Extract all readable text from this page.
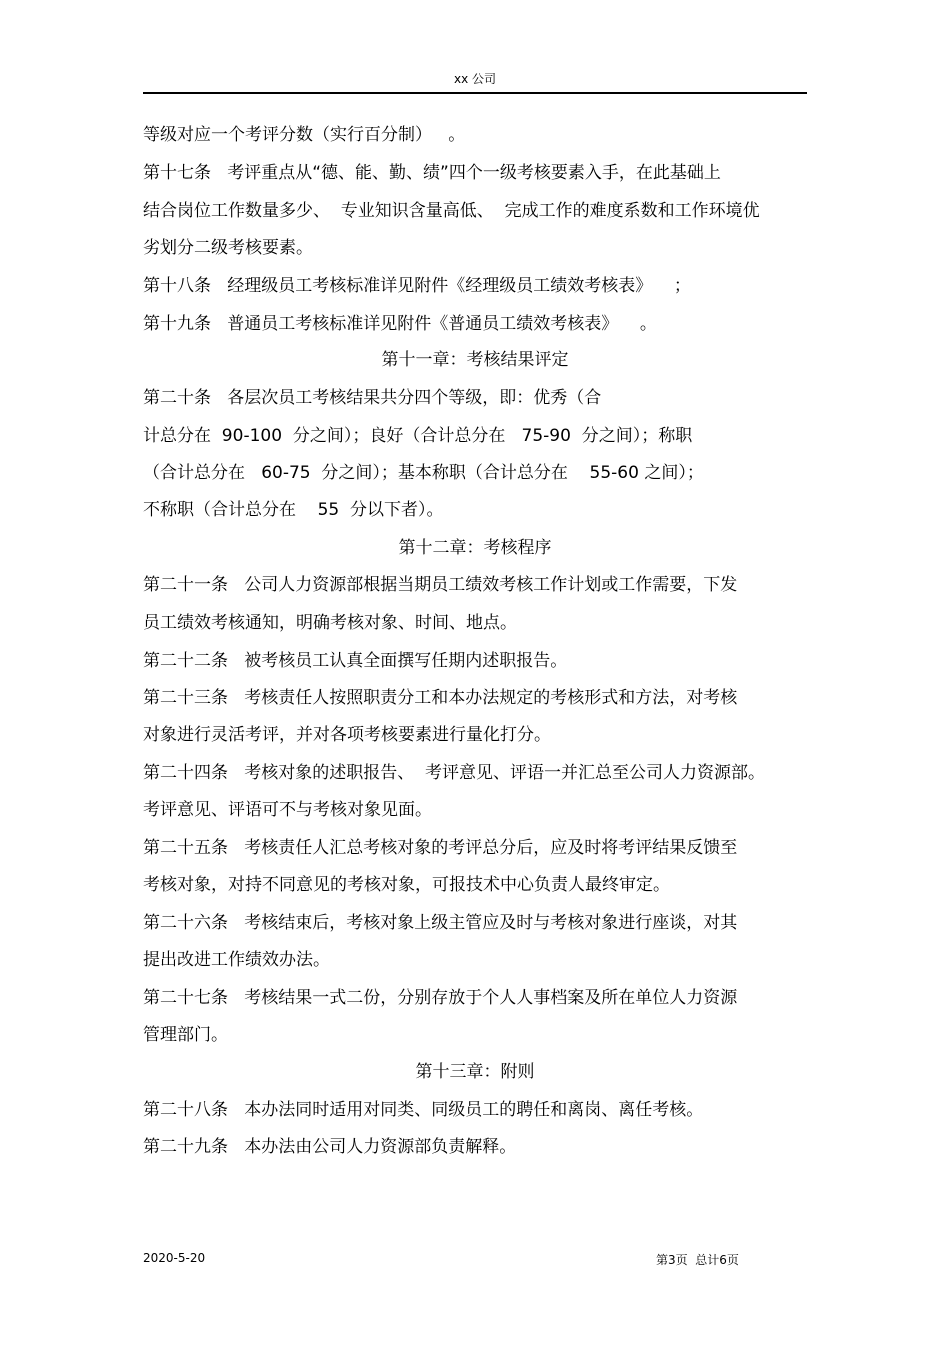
xx 公司
等级对应一个考评分数（实行百分制）   。
第十七条   考评重点从“德、能、勤、绩”四个一级考核要素入手，在此基础上
结合岗位工作数量多少、  专业知识含量高低、  完成工作的难度系数和工作环境优
劣划分二级考核要素。
第十八条   经理级员工考核标准详见附件《经理级员工绩效考核表》    ；
第十九条   普通员工考核标准详见附件《普通员工绩效考核表》    。
第十一章：考核结果评定
第二十条   各层次员工考核结果共分四个等级，即：优秀（合
计总分在  90-100  分之间）；良好（合计总分在   75-90  分之间）；称职
（合计总分在   60-75  分之间）；基本称职（合计总分在    55-60 之间）；
不称职（合计总分在    55  分以下者）。
第十二章：考核程序
第二十一条   公司人力资源部根据当期员工绩效考核工作计划或工作需要，下发
员工绩效考核通知，明确考核对象、时间、地点。
第二十二条   被考核员工认真全面撰写任期内述职报告。
第二十三条   考核责任人按照职责分工和本办法规定的考核形式和方法，对考核
对象进行灵活考评，并对各项考核要素进行量化打分。
第二十四条   考核对象的述职报告、  考评意见、评语一并汇总至公司人力资源部。
考评意见、评语可不与考核对象见面。
第二十五条   考核责任人汇总考核对象的考评总分后，应及时将考评结果反馈至
考核对象，对持不同意见的考核对象，可报技术中心负责人最终审定。
第二十六条   考核结束后，考核对象上级主管应及时与考核对象进行座谈，对其
提出改进工作绩效办法。
第二十七条   考核结果一式二份，分别存放于个人人事档案及所在单位人力资源
管理部门。
第十三章：附则
第二十八条   本办法同时适用对同类、同级员工的聘任和离岗、离任考核。
第二十九条   本办法由公司人力资源部负责解释。
2020-5-20	第3页  总计6页
